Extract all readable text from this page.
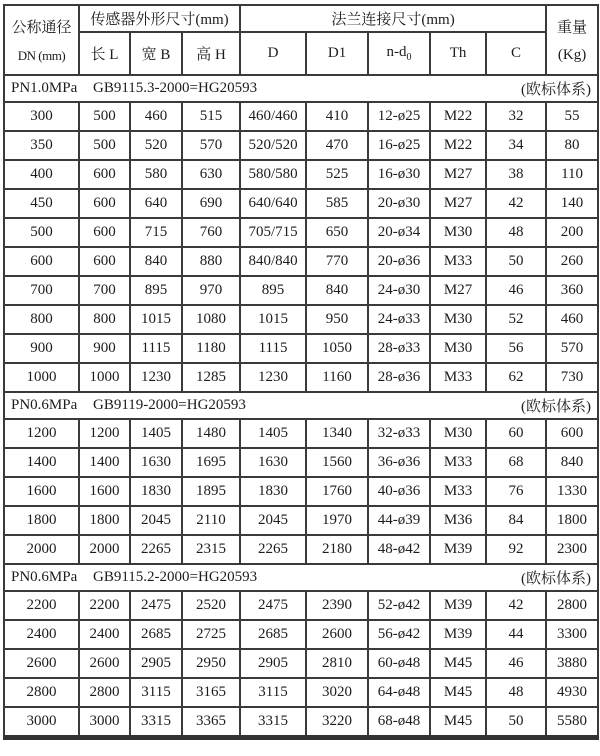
公称通径
DN (mm)	传感器外形尺寸(mm)			法兰连接尺寸(mm)					重量
(Kg)

	长 L	宽 B	高 H	D	D1	$n-d_0$	Th	C	

PN1.0MPa GB9115.3-2000=HG20593 (欧标体系)									

300	500	460	515	460/460	410	12-ø25	M22	32	55
350	500	520	570	520/520	470	16-ø25	M22	34	80
400	600	580	630	580/580	525	16-ø30	M27	38	110
450	600	640	690	640/640	585	20-ø30	M27	42	140
500	600	715	760	705/715	650	20-ø34	M30	48	200
600	600	840	880	840/840	770	20-ø36	M33	50	260
700	700	895	970	895	840	24-ø30	M27	46	360
800	800	1015	1080	1015	950	24-ø33	M30	52	460
900	900	1115	1180	1115	1050	28-ø33	M30	56	570
1000	1000	1230	1285	1230	1160	28-ø36	M33	62	730

PN0.6MPa GB9119-2000=HG20593 (欧标体系)									

1200	1200	1405	1480	1405	1340	32-ø33	M30	60	600
1400	1400	1630	1695	1630	1560	36-ø36	M33	68	840
1600	1600	1830	1895	1830	1760	40-ø36	M33	76	1330
1800	1800	2045	2110	2045	1970	44-ø39	M36	84	1800
2000	2000	2265	2315	2265	2180	48-ø42	M39	92	2300

PN0.6MPa GB9115.2-2000=HG20593 (欧标体系)									

2200	2200	2475	2520	2475	2390	52-ø42	M39	42	2800
2400	2400	2685	2725	2685	2600	56-ø42	M39	44	3300
2600	2600	2905	2950	2905	2810	60-ø48	M45	46	3880
2800	2800	3115	3165	3115	3020	64-ø48	M45	48	4930
3000	3000	3315	3365	3315	3220	68-ø48	M45	50	5580
